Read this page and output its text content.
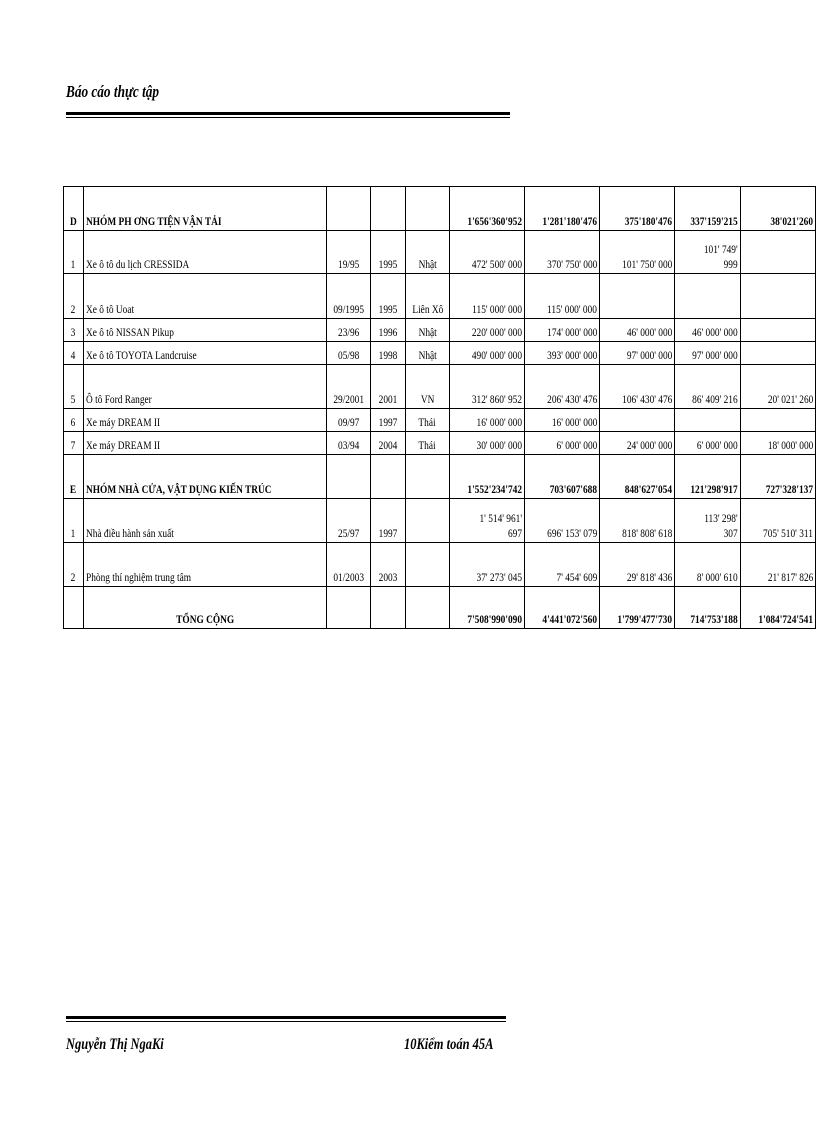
Báo cáo thực tập
D	NHÓM PH ƠNG TIỆN VẬN TẢI				1'656'360'952	1'281'180'476	375'180'476	337'159'215	38'021'260

1	Xe ô tô du lịch CRESSIDA	19/95	1995	Nhật	472' 500' 000	370' 750' 000	101' 750' 000	101' 749' 999	

2	Xe ô tô Uoat	09/1995	1995	Liên Xô	115' 000' 000	115' 000' 000		

3	Xe ô tô NISSAN Pikup	23/96	1996	Nhật	220' 000' 000	174' 000' 000	46' 000' 000	46' 000' 000	

4	Xe ô tô TOYOTA Landcruise	05/98	1998	Nhật	490' 000' 000	393' 000' 000	97' 000' 000	97' 000' 000	

5	Ô tô Ford Ranger	29/2001	2001	VN	312' 860' 952	206' 430' 476	106' 430' 476	86' 409' 216	20' 021' 260
6	Xe máy DREAM II	09/97	1997	Thái	16' 000' 000	16' 000' 000		

7	Xe máy DREAM II	03/94	2004	Thái	30' 000' 000	6' 000' 000	24' 000' 000	6' 000' 000	18' 000' 000
E	NHÓM NHÀ CỬA, VẬT DỤNG KIẾN TRÚC				1'552'234'742	703'607'688	848'627'054	121'298'917	727'328'137

1	Nhà điều hành sản xuất	25/97	1997		1' 514' 961' 697	696' 153' 079	818' 808' 618	113' 298' 307	705' 510' 311
2	Phòng thí nghiệm trung tâm	01/2003	2003		37' 273' 045	7' 454' 609	29' 818' 436	8' 000' 610	21' 817' 826
	TỔNG CỘNG				7'508'990'090	4'441'072'560	1'799'477'730	714'753'188	1'084'724'541
Nguyễn Thị NgaKi	10Kiểm toán 45A
